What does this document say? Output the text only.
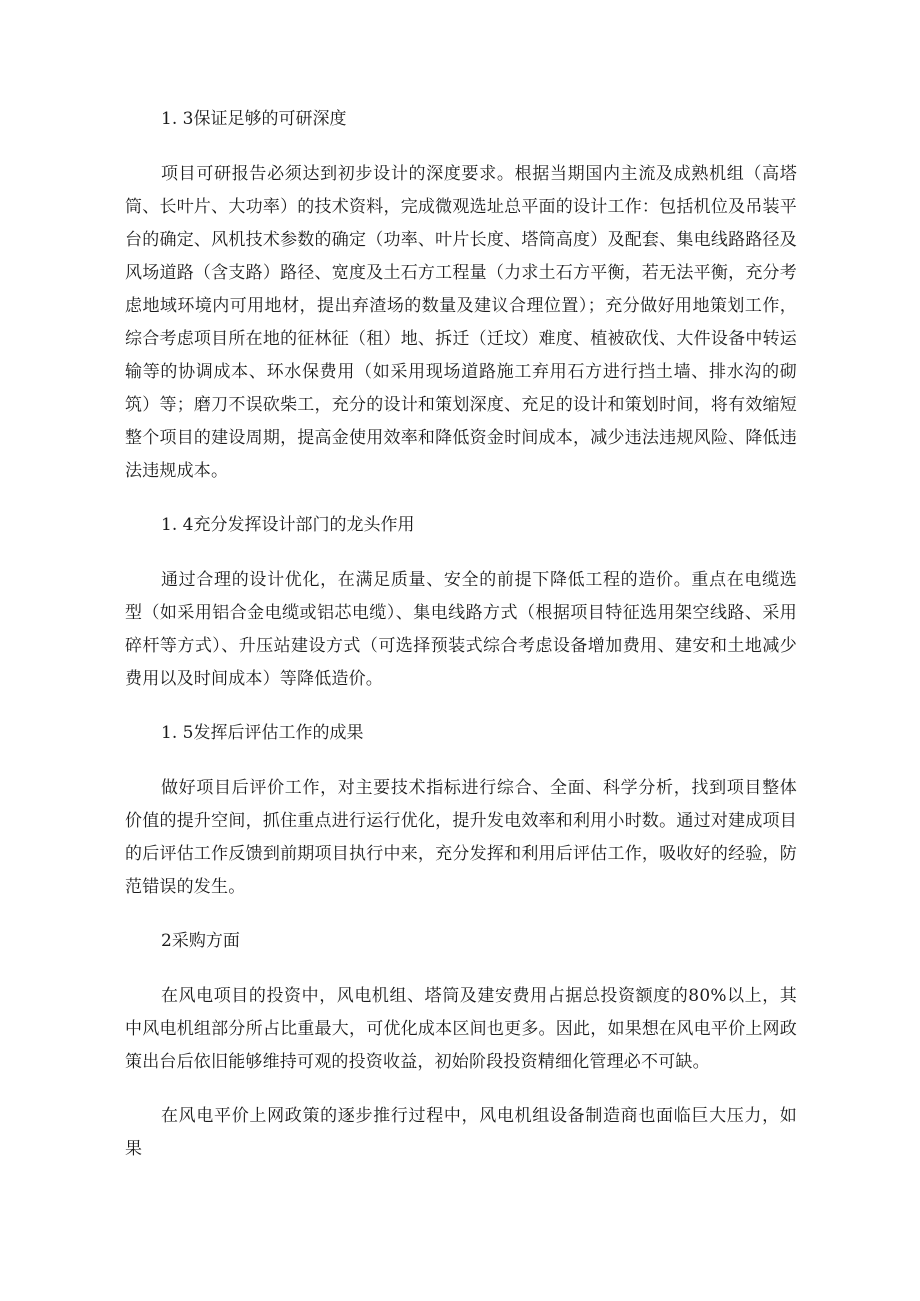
1. 3保证足够的可研深度

项目可研报告必须达到初步设计的深度要求。根据当期国内主流及成熟机组（高塔筒、长叶片、大功率）的技术资料，完成微观选址总平面的设计工作：包括机位及吊装平台的确定、风机技术参数的确定（功率、叶片长度、塔筒高度）及配套、集电线路路径及风场道路（含支路）路径、宽度及土石方工程量（力求土石方平衡，若无法平衡，充分考虑地域环境内可用地材，提出弃渣场的数量及建议合理位置）；充分做好用地策划工作，综合考虑项目所在地的征林征（租）地、拆迁（迁坟）难度、植被砍伐、大件设备中转运输等的协调成本、环水保费用（如采用现场道路施工弃用石方进行挡土墙、排水沟的砌筑）等；磨刀不误砍柴工，充分的设计和策划深度、充足的设计和策划时间，将有效缩短整个项目的建设周期，提高金使用效率和降低资金时间成本，减少违法违规风险、降低违法违规成本。

1. 4充分发挥设计部门的龙头作用

通过合理的设计优化，在满足质量、安全的前提下降低工程的造价。重点在电缆选型（如采用铝合金电缆或铝芯电缆）、集电线路方式（根据项目特征选用架空线路、采用碎杆等方式）、升压站建设方式（可选择预装式综合考虑设备增加费用、建安和土地减少费用以及时间成本）等降低造价。

1. 5发挥后评估工作的成果

做好项目后评价工作，对主要技术指标进行综合、全面、科学分析，找到项目整体价值的提升空间，抓住重点进行运行优化，提升发电效率和利用小时数。通过对建成项目的后评估工作反馈到前期项目执行中来，充分发挥和利用后评估工作，吸收好的经验，防范错误的发生。

2采购方面

在风电项目的投资中，风电机组、塔筒及建安费用占据总投资额度的80%以上，其中风电机组部分所占比重最大，可优化成本区间也更多。因此，如果想在风电平价上网政策出台后依旧能够维持可观的投资收益，初始阶段投资精细化管理必不可缺。

在风电平价上网政策的逐步推行过程中，风电机组设备制造商也面临巨大压力，如果
